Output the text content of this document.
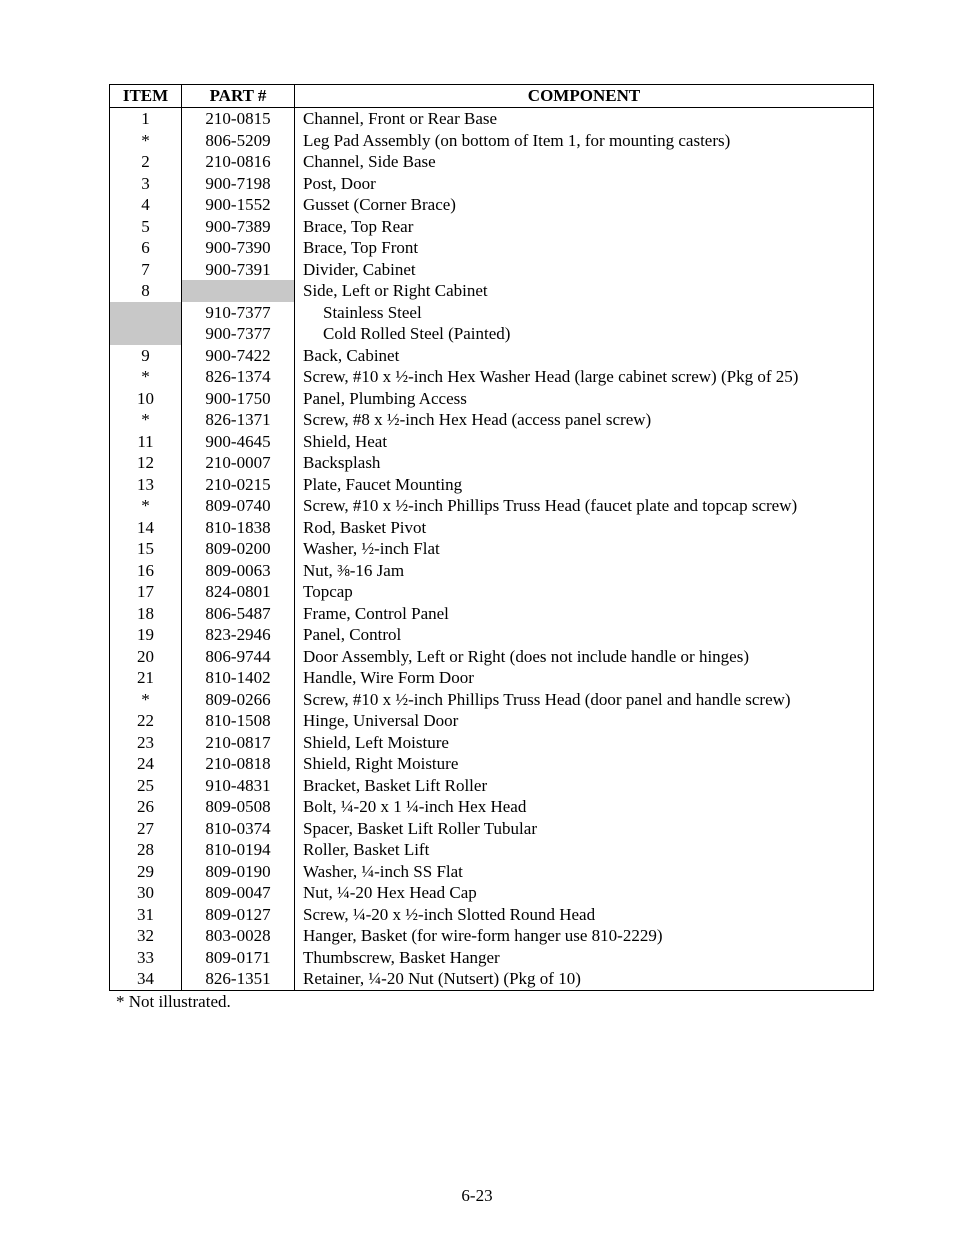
ITEM	PART #	COMPONENT
1	210-0815	Channel, Front or Rear Base
*	806-5209	Leg Pad Assembly (on bottom of Item 1, for mounting casters)
2	210-0816	Channel, Side Base
3	900-7198	Post, Door
4	900-1552	Gusset (Corner Brace)
5	900-7389	Brace, Top Rear
6	900-7390	Brace, Top Front
7	900-7391	Divider, Cabinet
8		Side, Left or Right Cabinet
	910-7377	Stainless Steel
	900-7377	Cold Rolled Steel (Painted)
9	900-7422	Back, Cabinet
*	826-1374	Screw, #10 x ½-inch Hex Washer Head (large cabinet screw) (Pkg of 25)
10	900-1750	Panel, Plumbing Access
*	826-1371	Screw, #8 x ½-inch Hex Head (access panel screw)
11	900-4645	Shield, Heat
12	210-0007	Backsplash
13	210-0215	Plate, Faucet Mounting
*	809-0740	Screw, #10 x ½-inch Phillips Truss Head (faucet plate and topcap screw)
14	810-1838	Rod, Basket Pivot
15	809-0200	Washer, ½-inch Flat
16	809-0063	Nut, ⅜-16 Jam
17	824-0801	Topcap
18	806-5487	Frame, Control Panel
19	823-2946	Panel, Control
20	806-9744	Door Assembly, Left or Right (does not include handle or hinges)
21	810-1402	Handle, Wire Form Door
*	809-0266	Screw, #10 x ½-inch Phillips Truss Head (door panel and handle screw)
22	810-1508	Hinge, Universal Door
23	210-0817	Shield, Left Moisture
24	210-0818	Shield, Right Moisture
25	910-4831	Bracket, Basket Lift Roller
26	809-0508	Bolt, ¼-20 x 1 ¼-inch Hex Head
27	810-0374	Spacer, Basket Lift Roller Tubular
28	810-0194	Roller, Basket Lift
29	809-0190	Washer, ¼-inch SS Flat
30	809-0047	Nut, ¼-20 Hex Head Cap
31	809-0127	Screw, ¼-20 x ½-inch Slotted Round Head
32	803-0028	Hanger, Basket (for wire-form hanger use 810-2229)
33	809-0171	Thumbscrew, Basket Hanger
34	826-1351	Retainer, ¼-20 Nut (Nutsert) (Pkg of 10)
* Not illustrated.
6-23
